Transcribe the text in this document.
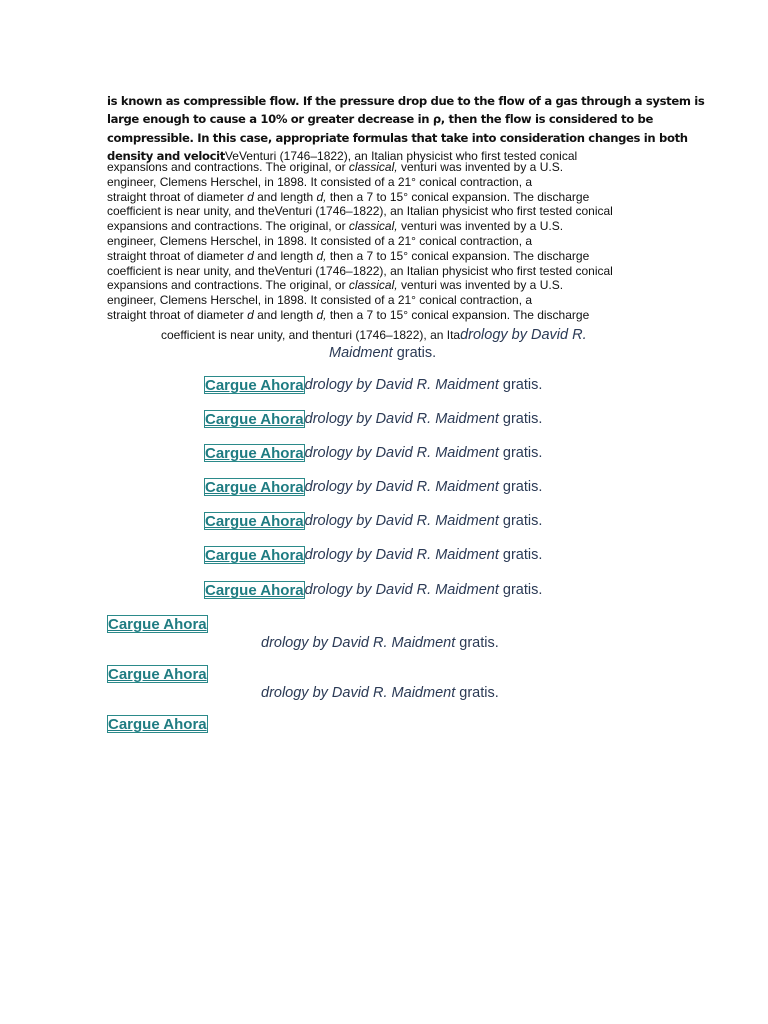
is known as compressible flow. If the pressure drop due to the flow of a gas through a system is
large enough to cause a 10% or greater decrease in ρ, then the flow is considered to be
compressible. In this case, appropriate formulas that take into consideration changes in both
density and velocitVeVenturi (1746–1822), an Italian physicist who first tested conical
expansions and contractions. The original, or classical, venturi was invented by a U.S.
engineer, Clemens Herschel, in 1898. It consisted of a 21° conical contraction, a
straight throat of diameter d and length d, then a 7 to 15° conical expansion. The discharge
coefficient is near unity, and theVenturi (1746–1822), an Italian physicist who first tested conical
expansions and contractions. The original, or classical, venturi was invented by a U.S.
engineer, Clemens Herschel, in 1898. It consisted of a 21° conical contraction, a
straight throat of diameter d and length d, then a 7 to 15° conical expansion. The discharge
coefficient is near unity, and theVenturi (1746–1822), an Italian physicist who first tested conical
expansions and contractions. The original, or classical, venturi was invented by a U.S.
engineer, Clemens Herschel, in 1898. It consisted of a 21° conical contraction, a
straight throat of diameter d and length d, then a 7 to 15° conical expansion. The discharge
coefficient is near unity, and thenturi (1746–1822), an Itadrology by David R.
Maidment gratis.
Cargue Ahoradrology by David R. Maidment gratis.
Cargue Ahoradrology by David R. Maidment gratis.
Cargue Ahoradrology by David R. Maidment gratis.
Cargue Ahoradrology by David R. Maidment gratis.
Cargue Ahoradrology by David R. Maidment gratis.
Cargue Ahoradrology by David R. Maidment gratis.
Cargue Ahoradrology by David R. Maidment gratis.
Cargue Ahora
Cargue Ahora
Cargue Ahora
drology by David R. Maidment gratis.
drology by David R. Maidment gratis.
